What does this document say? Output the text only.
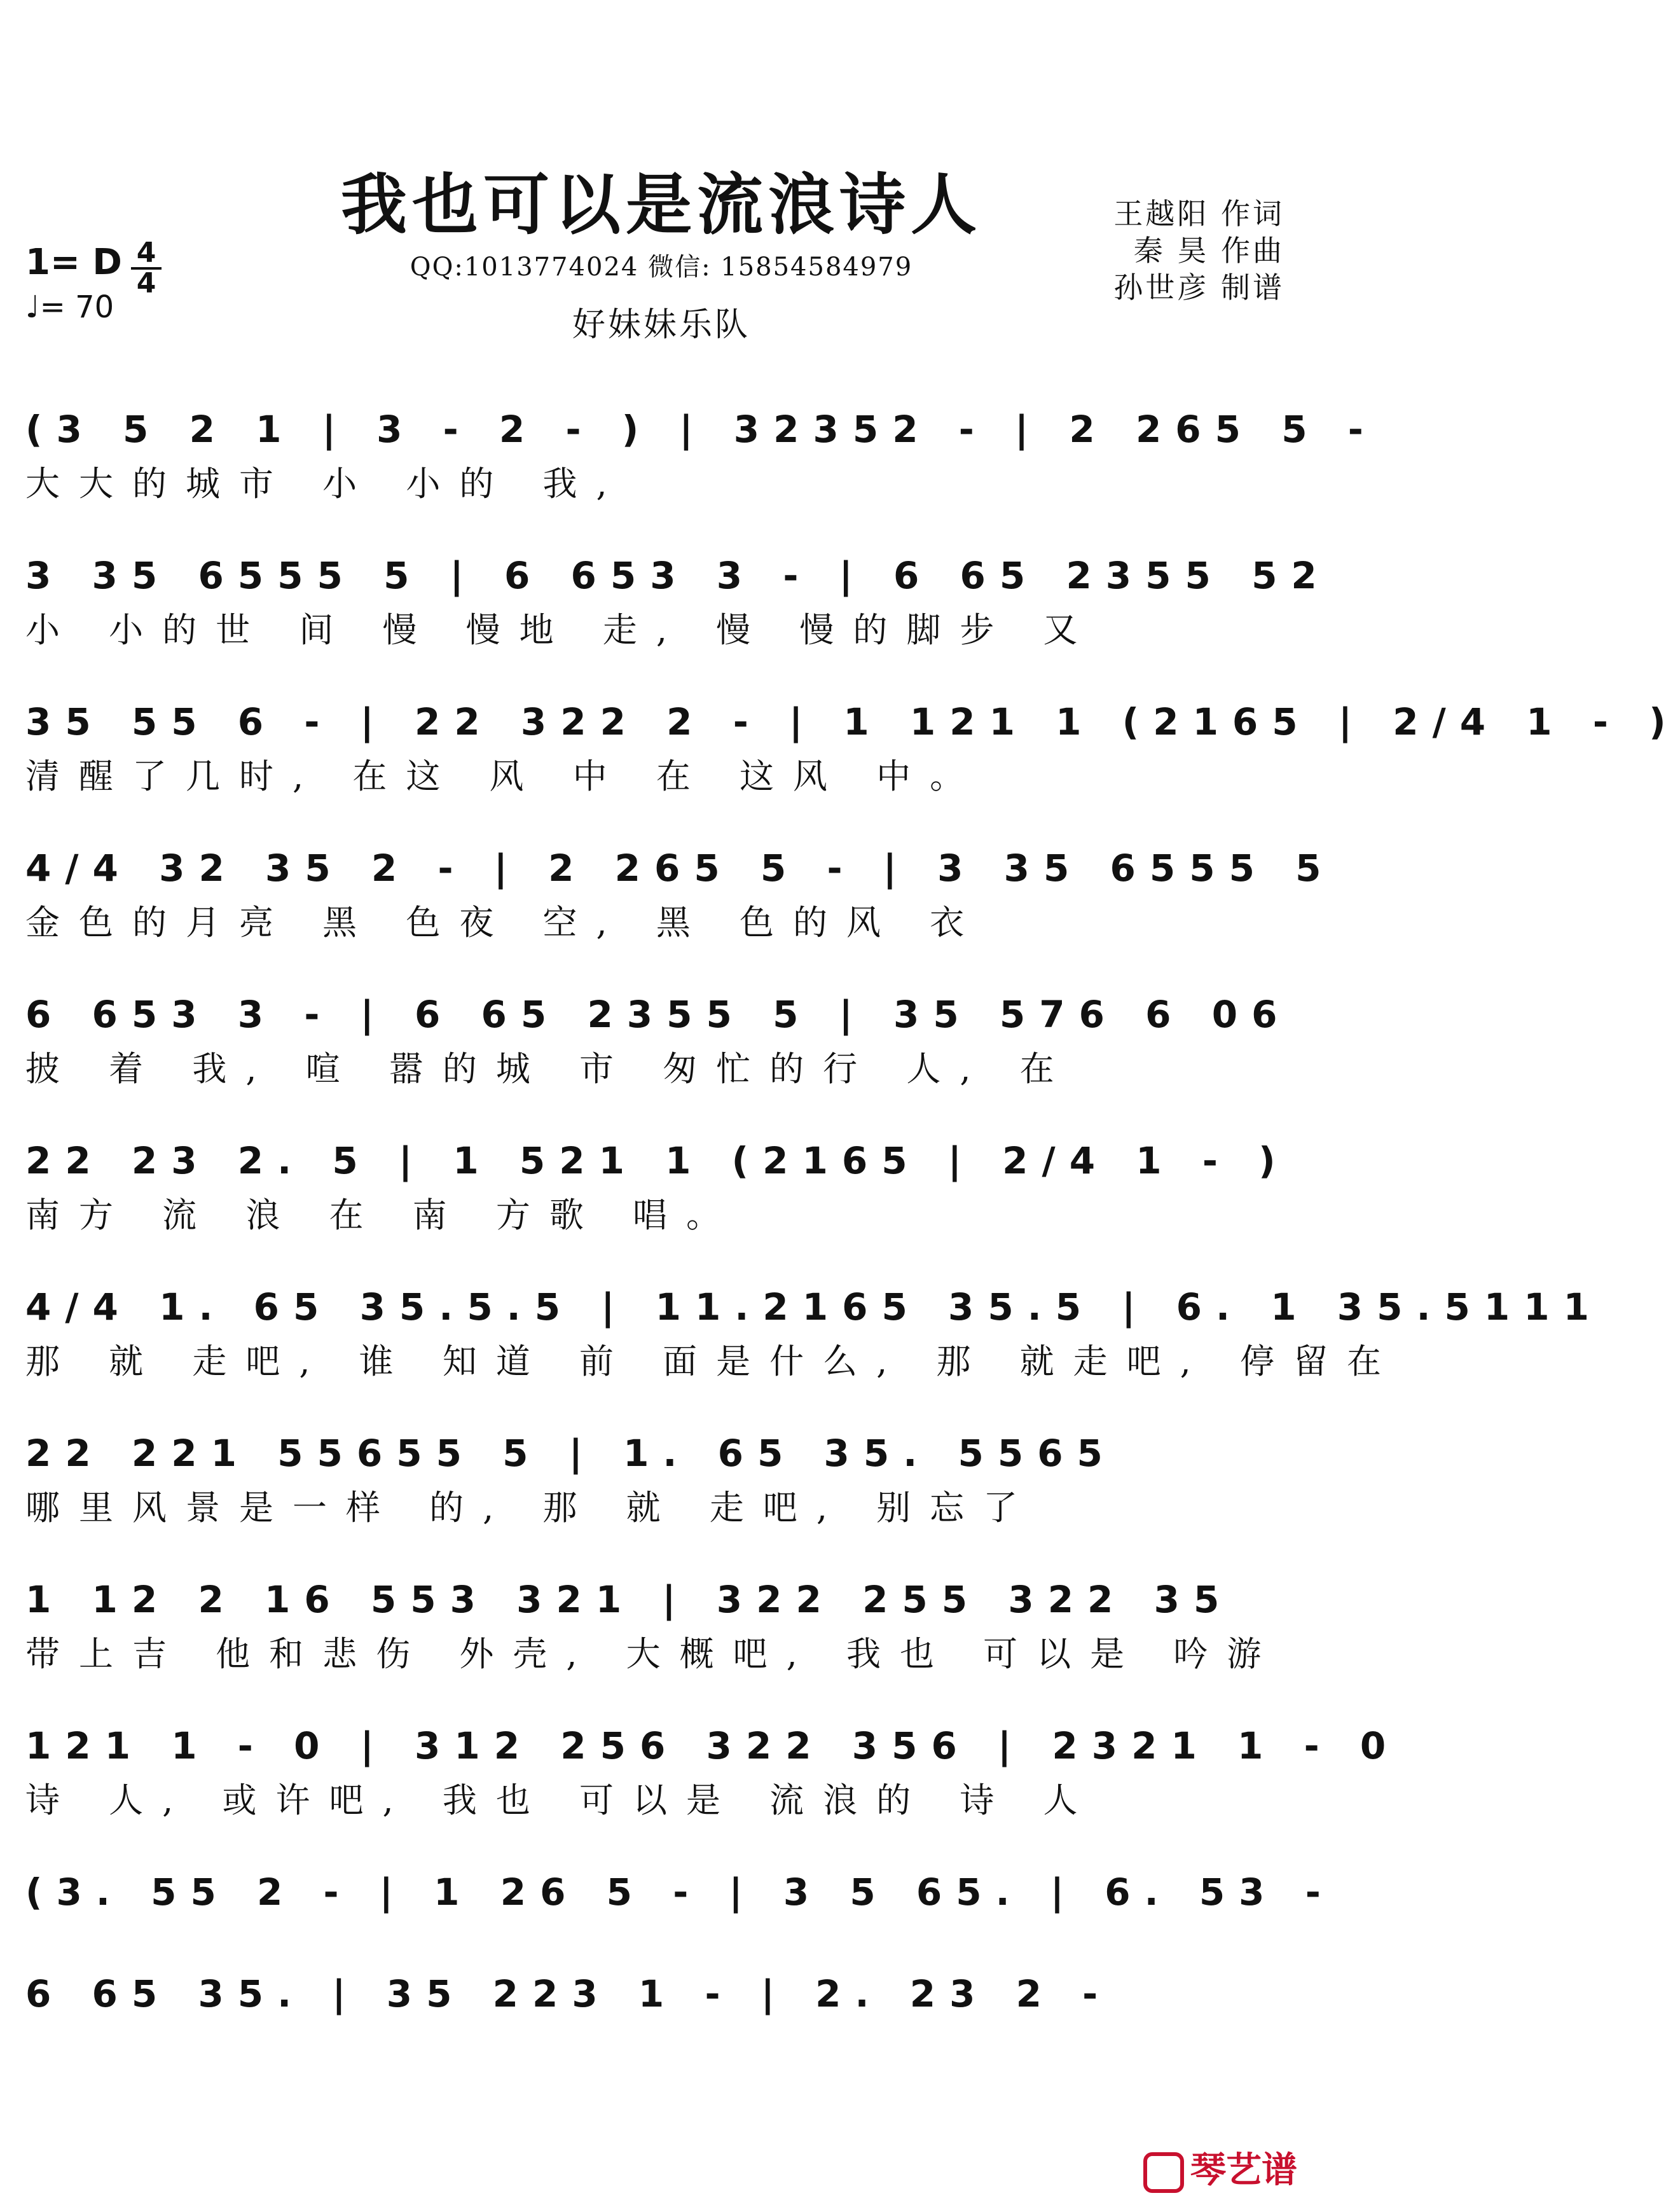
我也可以是流浪诗人	王越阳 作词
秦 昊 作曲
孙世彦 制谱
1= D 4
4
♩= 70
QQ:1013774024 微信: 15854584979
好妹妹乐队
(3 5 2 1 | 3 - 2 - ) | 32352 - | 2 265 5 -
大大的城市 小 小的 我,
3 35 6555 5 | 6 653 3 - | 6 65 2355 52
小 小的世 间 慢 慢地 走, 慢 慢的脚步 又
35 55 6 - | 22 322 2 - | 1 121 1 (2165 | 2/4 1 - )
清醒了几时, 在这 风 中 在 这风 中。
4/4 32 35 2 - | 2 265 5 - | 3 35 6555 5
金色的月亮 黑 色夜 空, 黑 色的风 衣
6 653 3 - | 6 65 2355 5 | 35 576 6 06
披 着 我, 喧 嚣的城 市 匆忙的行 人, 在
22 23 2. 5 | 1 521 1 (2165 | 2/4 1 - )
南方 流 浪 在 南 方歌 唱。
4/4 1. 65 35.5.5 | 11.2165 35.5 | 6. 1 35.5111
那 就 走吧, 谁 知道 前 面是什么, 那 就走吧, 停留在
22 221 55655 5 | 1. 65 35. 5565
哪里风景是一样 的, 那 就 走吧, 别忘了
1 12 2 16 553 321 | 322 255 322 35
带上吉 他和悲伤 外壳, 大概吧, 我也 可以是 吟游
121 1 - 0 | 312 256 322 356 | 2321 1 - 0
诗 人, 或许吧, 我也 可以是 流浪的 诗 人
(3. 55 2 - | 1 26 5 - | 3 5 65. | 6. 53 -
6 65 35. | 35 223 1 - | 2. 23 2 -
琴艺谱
